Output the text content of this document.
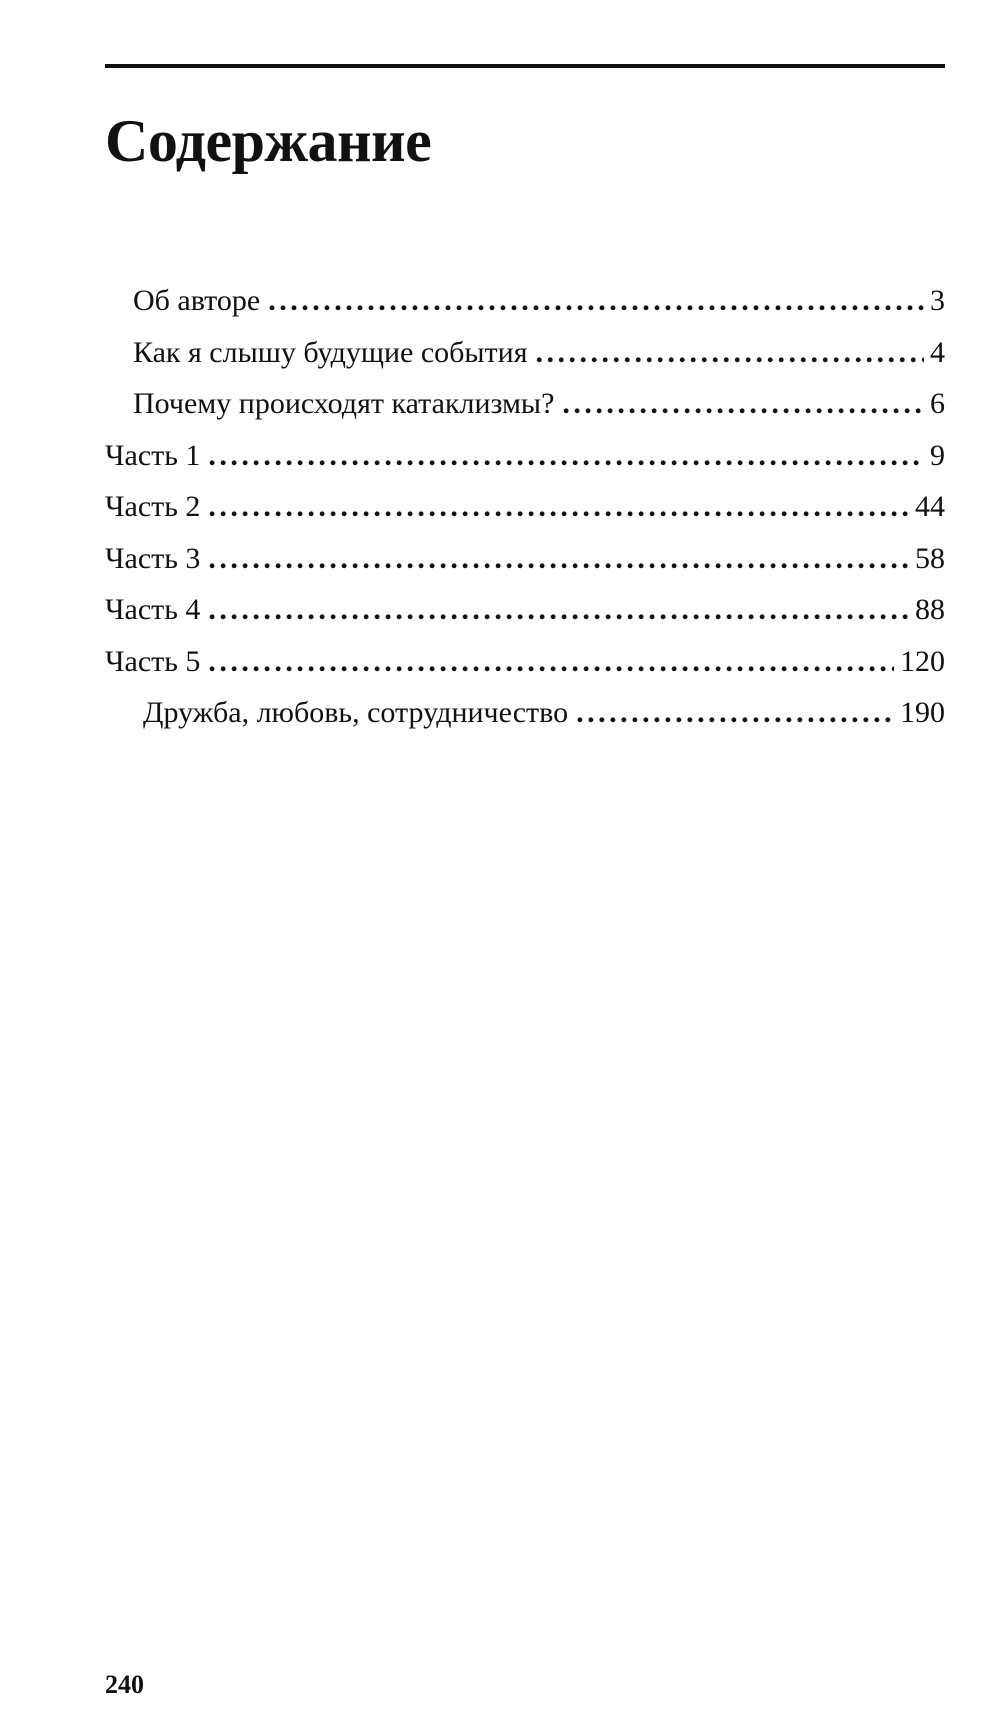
Содержание
Об авторе . . .	3
Как я слышу будущие события . . .	4
Почему происходят катаклизмы? . . .	6
Часть 1 . . .	9
Часть 2 . . .	44
Часть 3 . . .	58
Часть 4 . . .	88
Часть 5 . . .	120
Дружба, любовь, сотрудничество . . .	190
240
